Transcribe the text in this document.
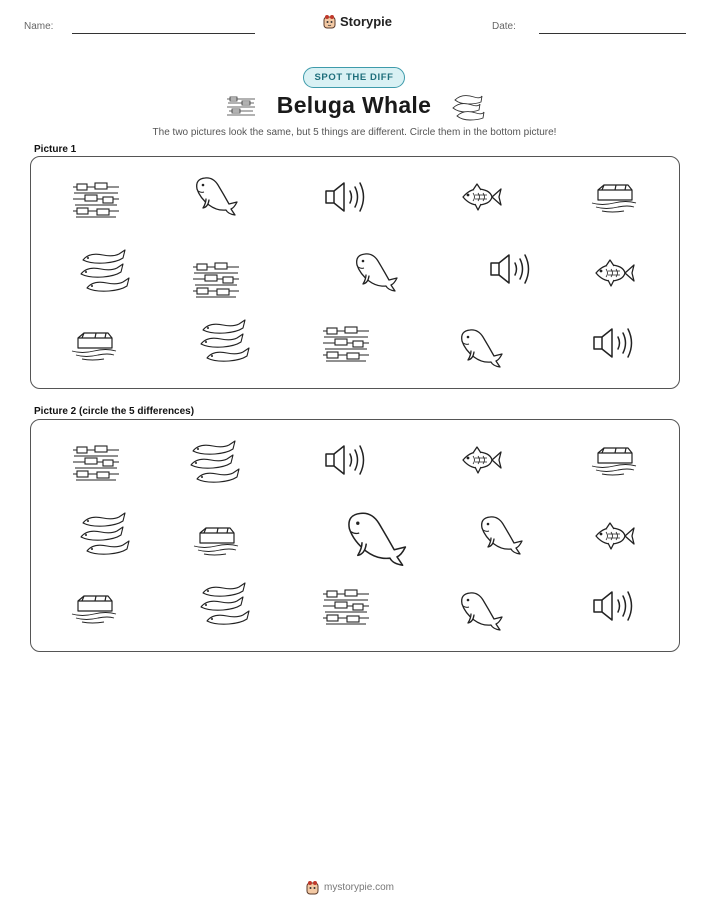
Name:	Storypie	Date:
SPOT THE DIFF
Beluga Whale
The two pictures look the same, but 5 things are different. Circle them in the bottom picture!
Picture 1
Picture 2 (circle the 5 differences)
mystorypie.com
